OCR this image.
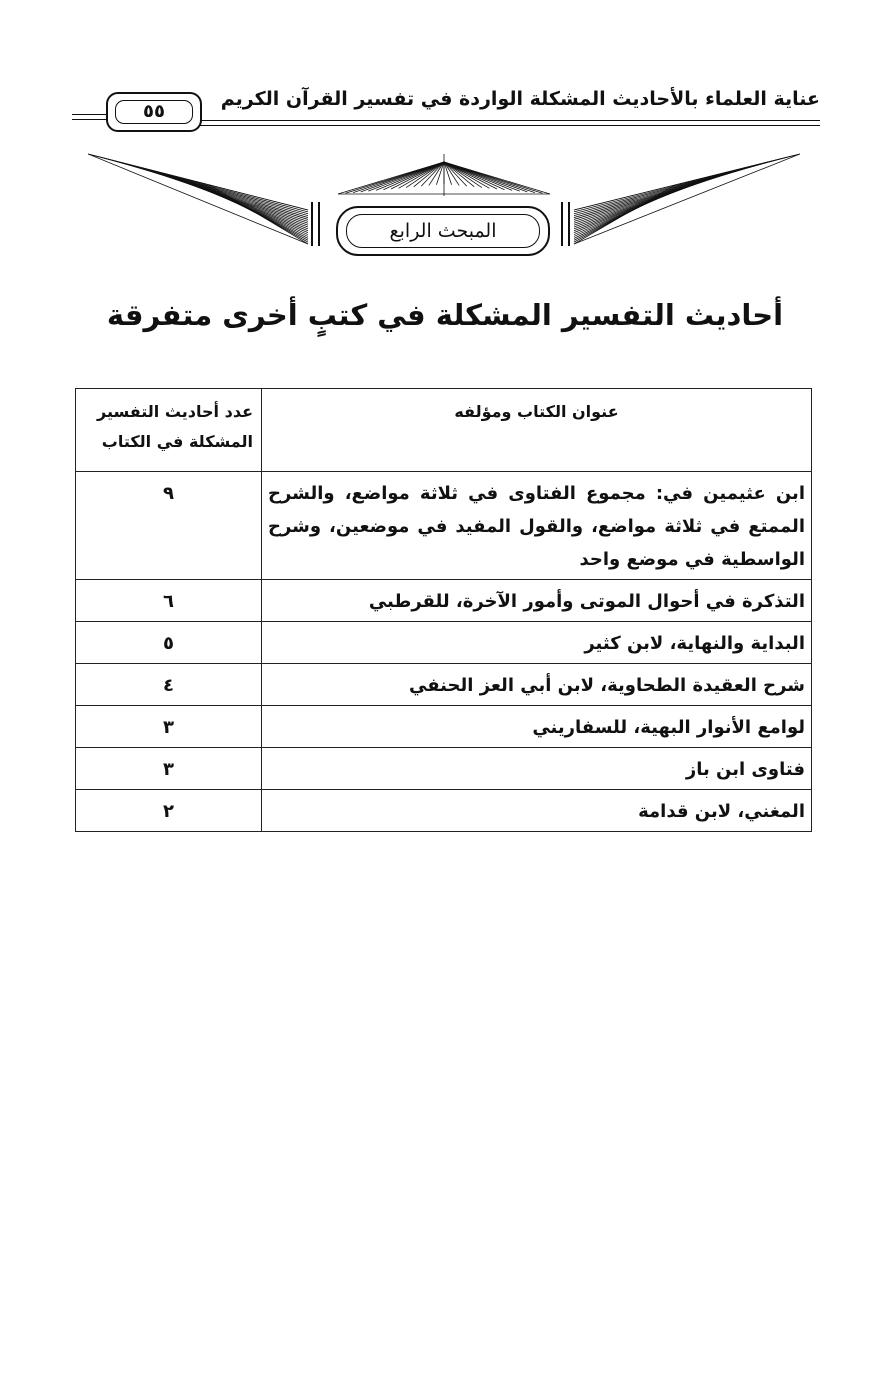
عناية العلماء بالأحاديث المشكلة الواردة في تفسير القرآن الكريم
٥٥
المبحث الرابع
أحاديث التفسير المشكلة في كتبٍ أخرى متفرقة
عنوان الكتاب ومؤلفه	عدد أحاديث التفسير المشكلة في الكتاب
ابن عثيمين في: مجموع الفتاوى في ثلاثة مواضع، والشرح الممتع في ثلاثة مواضع، والقول المفيد في موضعين، وشرح الواسطية في موضع واحد	٩
التذكرة في أحوال الموتى وأمور الآخرة، للقرطبي	٦
البداية والنهاية، لابن كثير	٥
شرح العقيدة الطحاوية، لابن أبي العز الحنفي	٤
لوامع الأنوار البهية، للسفاريني	٣
فتاوى ابن باز	٣
المغني، لابن قدامة	٢
